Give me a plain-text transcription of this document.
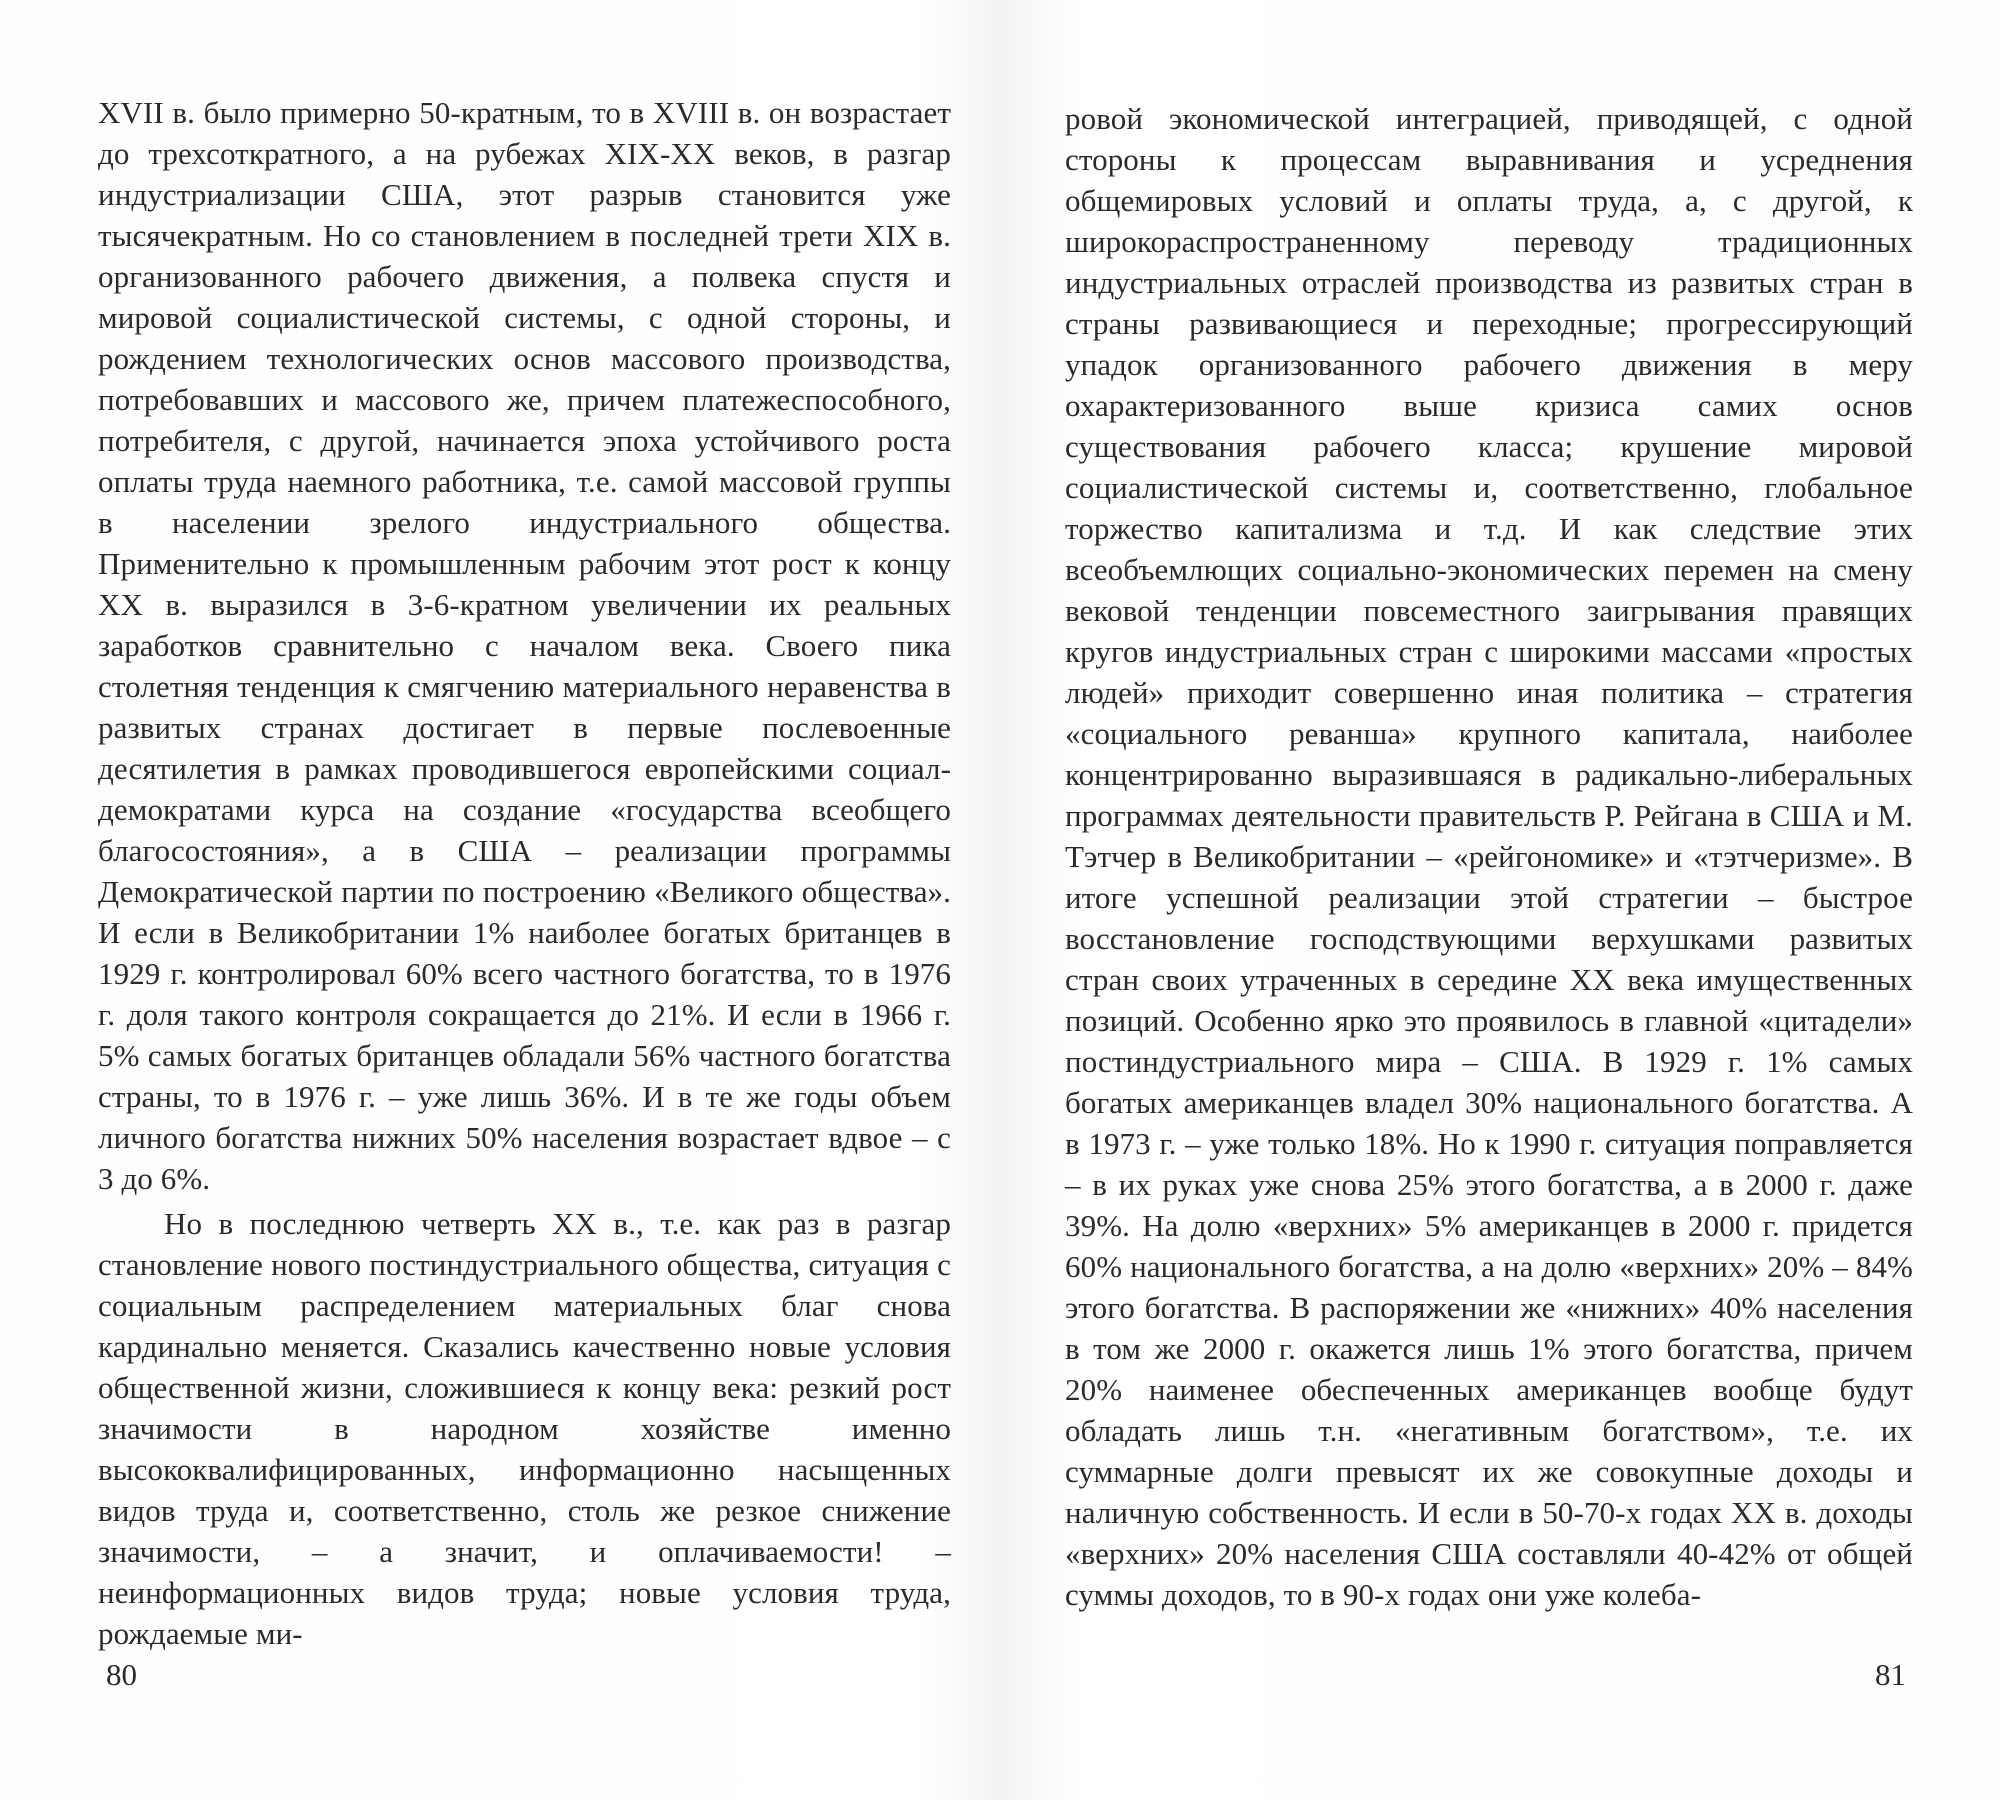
XVII в. было примерно 50-кратным, то в XVIII в. он возрастает до трехсоткратного, а на рубежах XIX-XX веков, в разгар индустриализации США, этот разрыв становится уже тысячекратным. Но со становлением в последней трети XIX в. организованного рабочего движения, а полвека спустя и мировой социалистической системы, с одной стороны, и рождением технологических основ массового производства, потребовавших и массового же, причем платежеспособного, потребителя, с другой, начинается эпоха устойчивого роста оплаты труда наемного работника, т.е. самой массовой группы в населении зрелого индустриального общества. Применительно к промышленным рабочим этот рост к концу XX в. выразился в 3-6-кратном увеличении их реальных заработков сравнительно с началом века. Своего пика столетняя тенденция к смягчению материального неравенства в развитых странах достигает в первые послевоенные десятилетия в рамках проводившегося европейскими социал-демократами курса на создание «государства всеобщего благосостояния», а в США – реализации программы Демократической партии по построению «Великого общества». И если в Великобритании 1% наиболее богатых британцев в 1929 г. контролировал 60% всего частного богатства, то в 1976 г. доля такого контроля сокращается до 21%. И если в 1966 г. 5% самых богатых британцев обладали 56% частного богатства страны, то в 1976 г. – уже лишь 36%. И в те же годы объем личного богатства нижних 50% населения возрастает вдвое – с 3 до 6%.

Но в последнюю четверть XX в., т.е. как раз в разгар становление нового постиндустриального общества, ситуация с социальным распределением материальных благ снова кардинально меняется. Сказались качественно новые условия общественной жизни, сложившиеся к концу века: резкий рост значимости в народном хозяйстве именно высококвалифицированных, информационно насыщенных видов труда и, соответственно, столь же резкое снижение значимости, – а значит, и оплачиваемости! – неинформационных видов труда; новые условия труда, рождаемые ми-

80

ровой экономической интеграцией, приводящей, с одной стороны к процессам выравнивания и усреднения общемировых условий и оплаты труда, а, с другой, к широкораспространенному переводу традиционных индустриальных отраслей производства из развитых стран в страны развивающиеся и переходные; прогрессирующий упадок организованного рабочего движения в меру охарактеризованного выше кризиса самих основ существования рабочего класса; крушение мировой социалистической системы и, соответственно, глобальное торжество капитализма и т.д. И как следствие этих всеобъемлющих социально-экономических перемен на смену вековой тенденции повсеместного заигрывания правящих кругов индустриальных стран с широкими массами «простых людей» приходит совершенно иная политика – стратегия «социального реванша» крупного капитала, наиболее концентрированно выразившаяся в радикально-либеральных программах деятельности правительств Р. Рейгана в США и М. Тэтчер в Великобритании – «рейгономике» и «тэтчеризме». В итоге успешной реализации этой стратегии – быстрое восстановление господствующими верхушками развитых стран своих утраченных в середине XX века имущественных позиций. Особенно ярко это проявилось в главной «цитадели» постиндустриального мира – США. В 1929 г. 1% самых богатых американцев владел 30% национального богатства. А в 1973 г. – уже только 18%. Но к 1990 г. ситуация поправляется – в их руках уже снова 25% этого богатства, а в 2000 г. даже 39%. На долю «верхних» 5% американцев в 2000 г. придется 60% национального богатства, а на долю «верхних» 20% – 84% этого богатства. В распоряжении же «нижних» 40% населения в том же 2000 г. окажется лишь 1% этого богатства, причем 20% наименее обеспеченных американцев вообще будут обладать лишь т.н. «негативным богатством», т.е. их суммарные долги превысят их же совокупные доходы и наличную собственность. И если в 50-70-х годах XX в. доходы «верхних» 20% населения США составляли 40-42% от общей суммы доходов, то в 90-х годах они уже колеба-

81
